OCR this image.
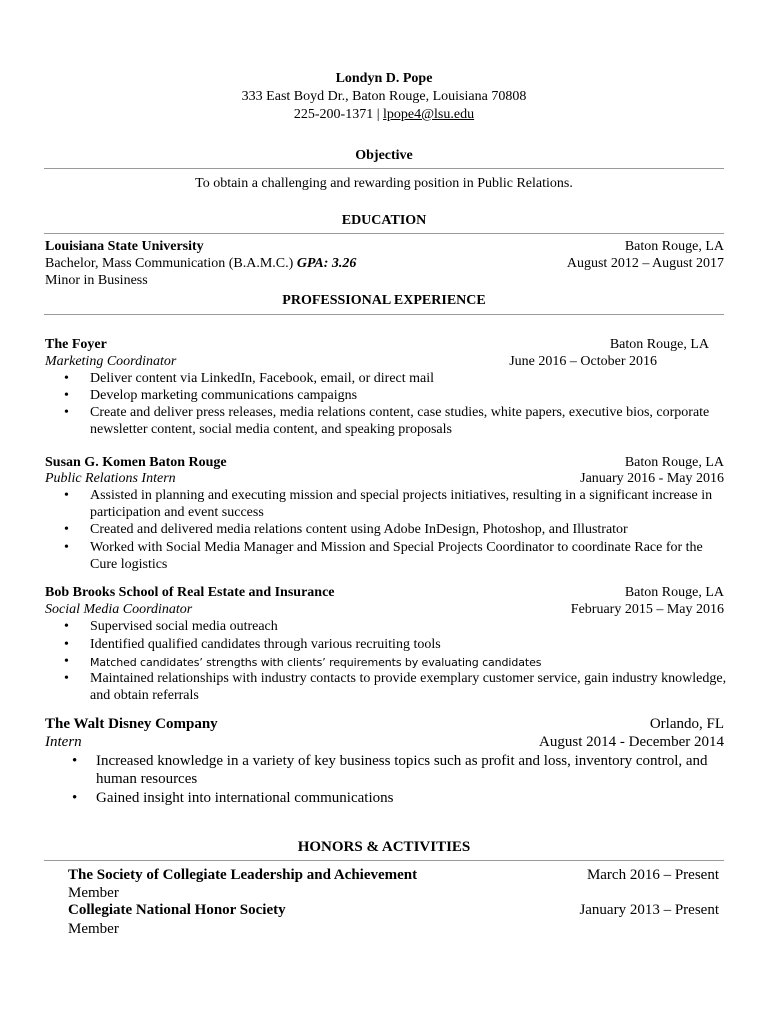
Londyn D. Pope
333 East Boyd Dr., Baton Rouge, Louisiana 70808
225-200-1371 | lpope4@lsu.edu
Objective
To obtain a challenging and rewarding position in Public Relations.
EDUCATION
Louisiana State University	Baton Rouge, LA
Bachelor, Mass Communication (B.A.M.C.) GPA: 3.26	August 2012 – August 2017
Minor in Business
PROFESSIONAL EXPERIENCE
The Foyer	Baton Rouge, LA
Marketing Coordinator	June 2016 – October 2016
• Deliver content via LinkedIn, Facebook, email, or direct mail
• Develop marketing communications campaigns
• Create and deliver press releases, media relations content, case studies, white papers, executive bios, corporate
newsletter content, social media content, and speaking proposals
Susan G. Komen Baton Rouge	Baton Rouge, LA
Public Relations Intern	January 2016 - May 2016
• Assisted in planning and executing mission and special projects initiatives, resulting in a significant increase in
participation and event success
• Created and delivered media relations content using Adobe InDesign, Photoshop, and Illustrator
• Worked with Social Media Manager and Mission and Special Projects Coordinator to coordinate Race for the
Cure logistics
Bob Brooks School of Real Estate and Insurance	Baton Rouge, LA
Social Media Coordinator	February 2015 – May 2016
• Supervised social media outreach
• Identified qualified candidates through various recruiting tools
• Matched candidates’ strengths with clients’ requirements by evaluating candidates
• Maintained relationships with industry contacts to provide exemplary customer service, gain industry knowledge,
and obtain referrals
The Walt Disney Company	Orlando, FL
Intern	August 2014 - December 2014
• Increased knowledge in a variety of key business topics such as profit and loss, inventory control, and
human resources
• Gained insight into international communications
HONORS & ACTIVITIES
The Society of Collegiate Leadership and Achievement	March 2016 – Present
Member
Collegiate National Honor Society	January 2013 – Present
Member
